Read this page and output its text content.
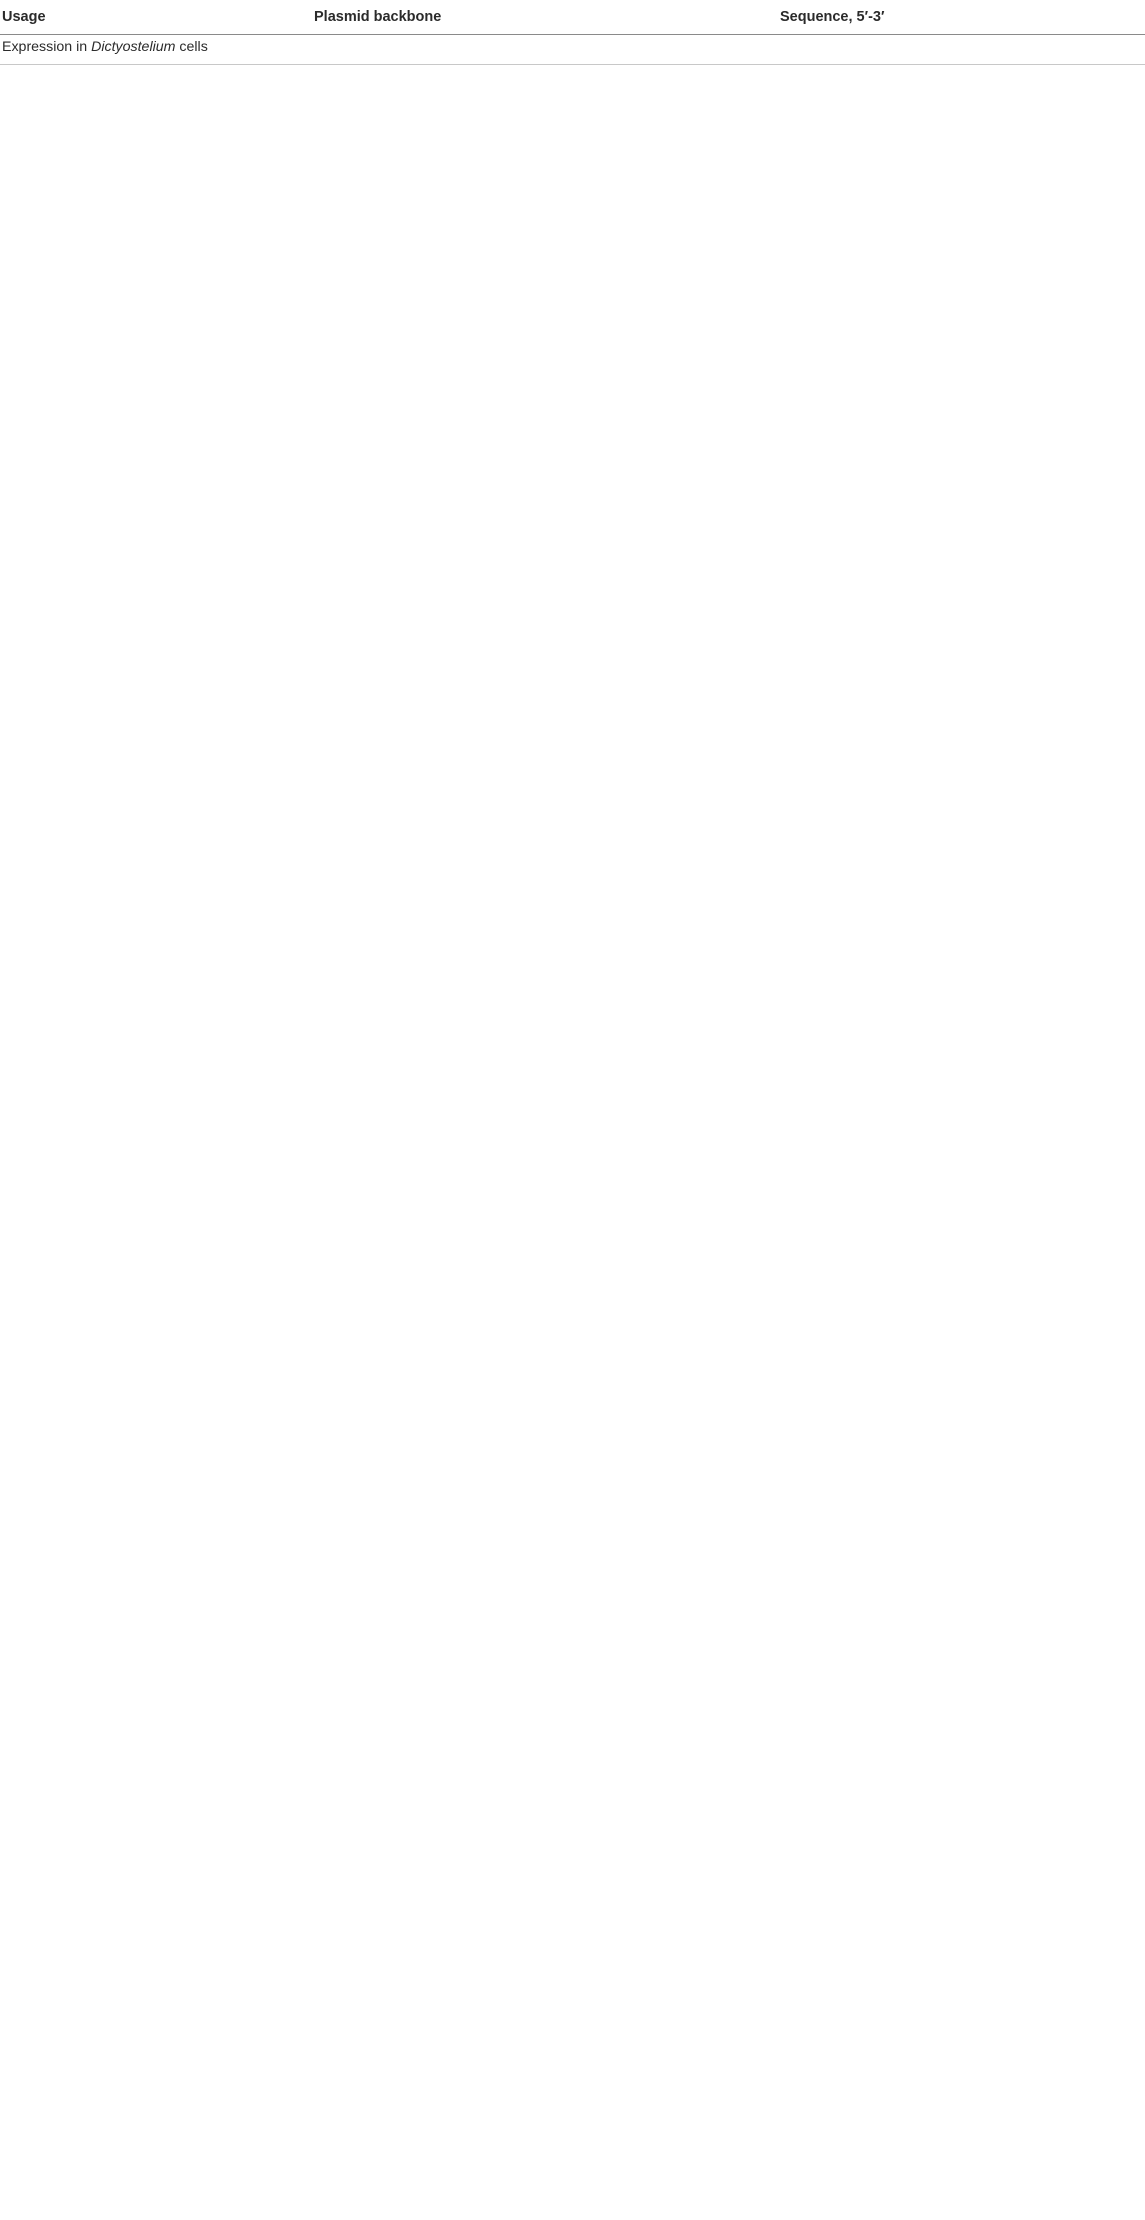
Usage	Plasmid backbone	Sequence, 5′-3′
Expression in Dictyostelium cells
